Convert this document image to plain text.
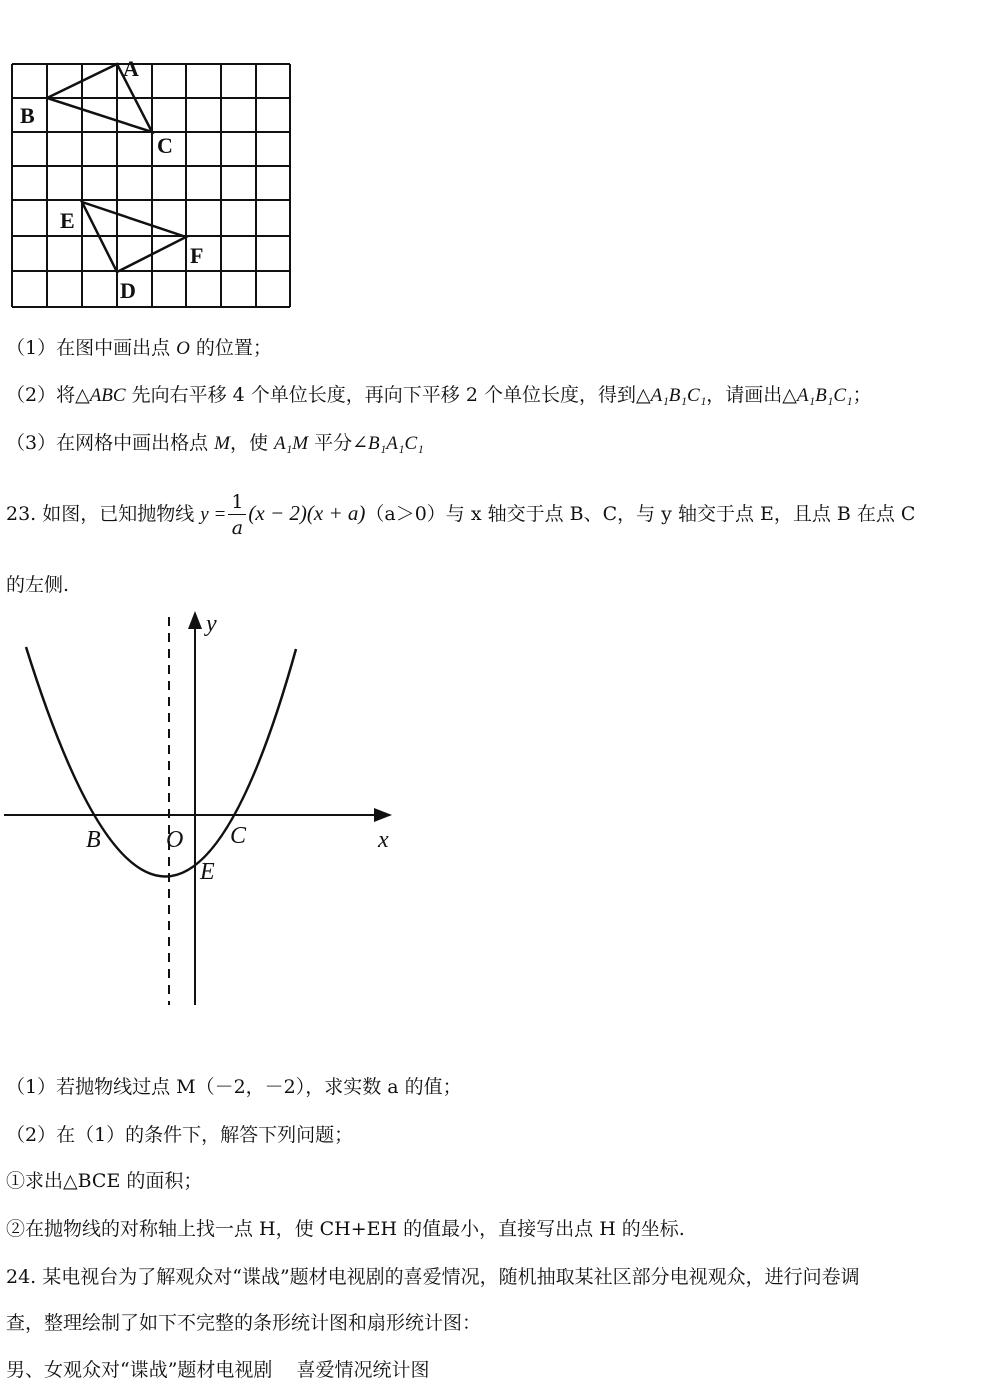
A
B
C
E
F
D
（1）在图中画出点 O 的位置；
（2）将△ABC 先向右平移 4 个单位长度，再向下平移 2 个单位长度，得到△A₁B₁C₁，请画出△A₁B₁C₁；
（3）在网格中画出格点 M，使 A₁M 平分∠B₁A₁C₁
23. 如图，已知抛物线 $y = \frac{1}{a} (x - 2)(x + a)(a>0)$与 x 轴交于点 B、C，与 y 轴交于点 E，且点 B 在点 C
的左侧.
y
x
B	O C
E
（1）若抛物线过点 M（－2，－2），求实数 a 的值；
（2）在（1）的条件下，解答下列问题；
①求出△BCE 的面积；
②在抛物线的对称轴上找一点 H，使 CH+EH 的值最小，直接写出点 H 的坐标.
24. 某电视台为了解观众对“谍战”题材电视剧的喜爱情况，随机抽取某社区部分电视观众，进行问卷调
查，整理绘制了如下不完整的条形统计图和扇形统计图：
男、女观众对“谍战”题材电视剧 喜爱情况统计图
